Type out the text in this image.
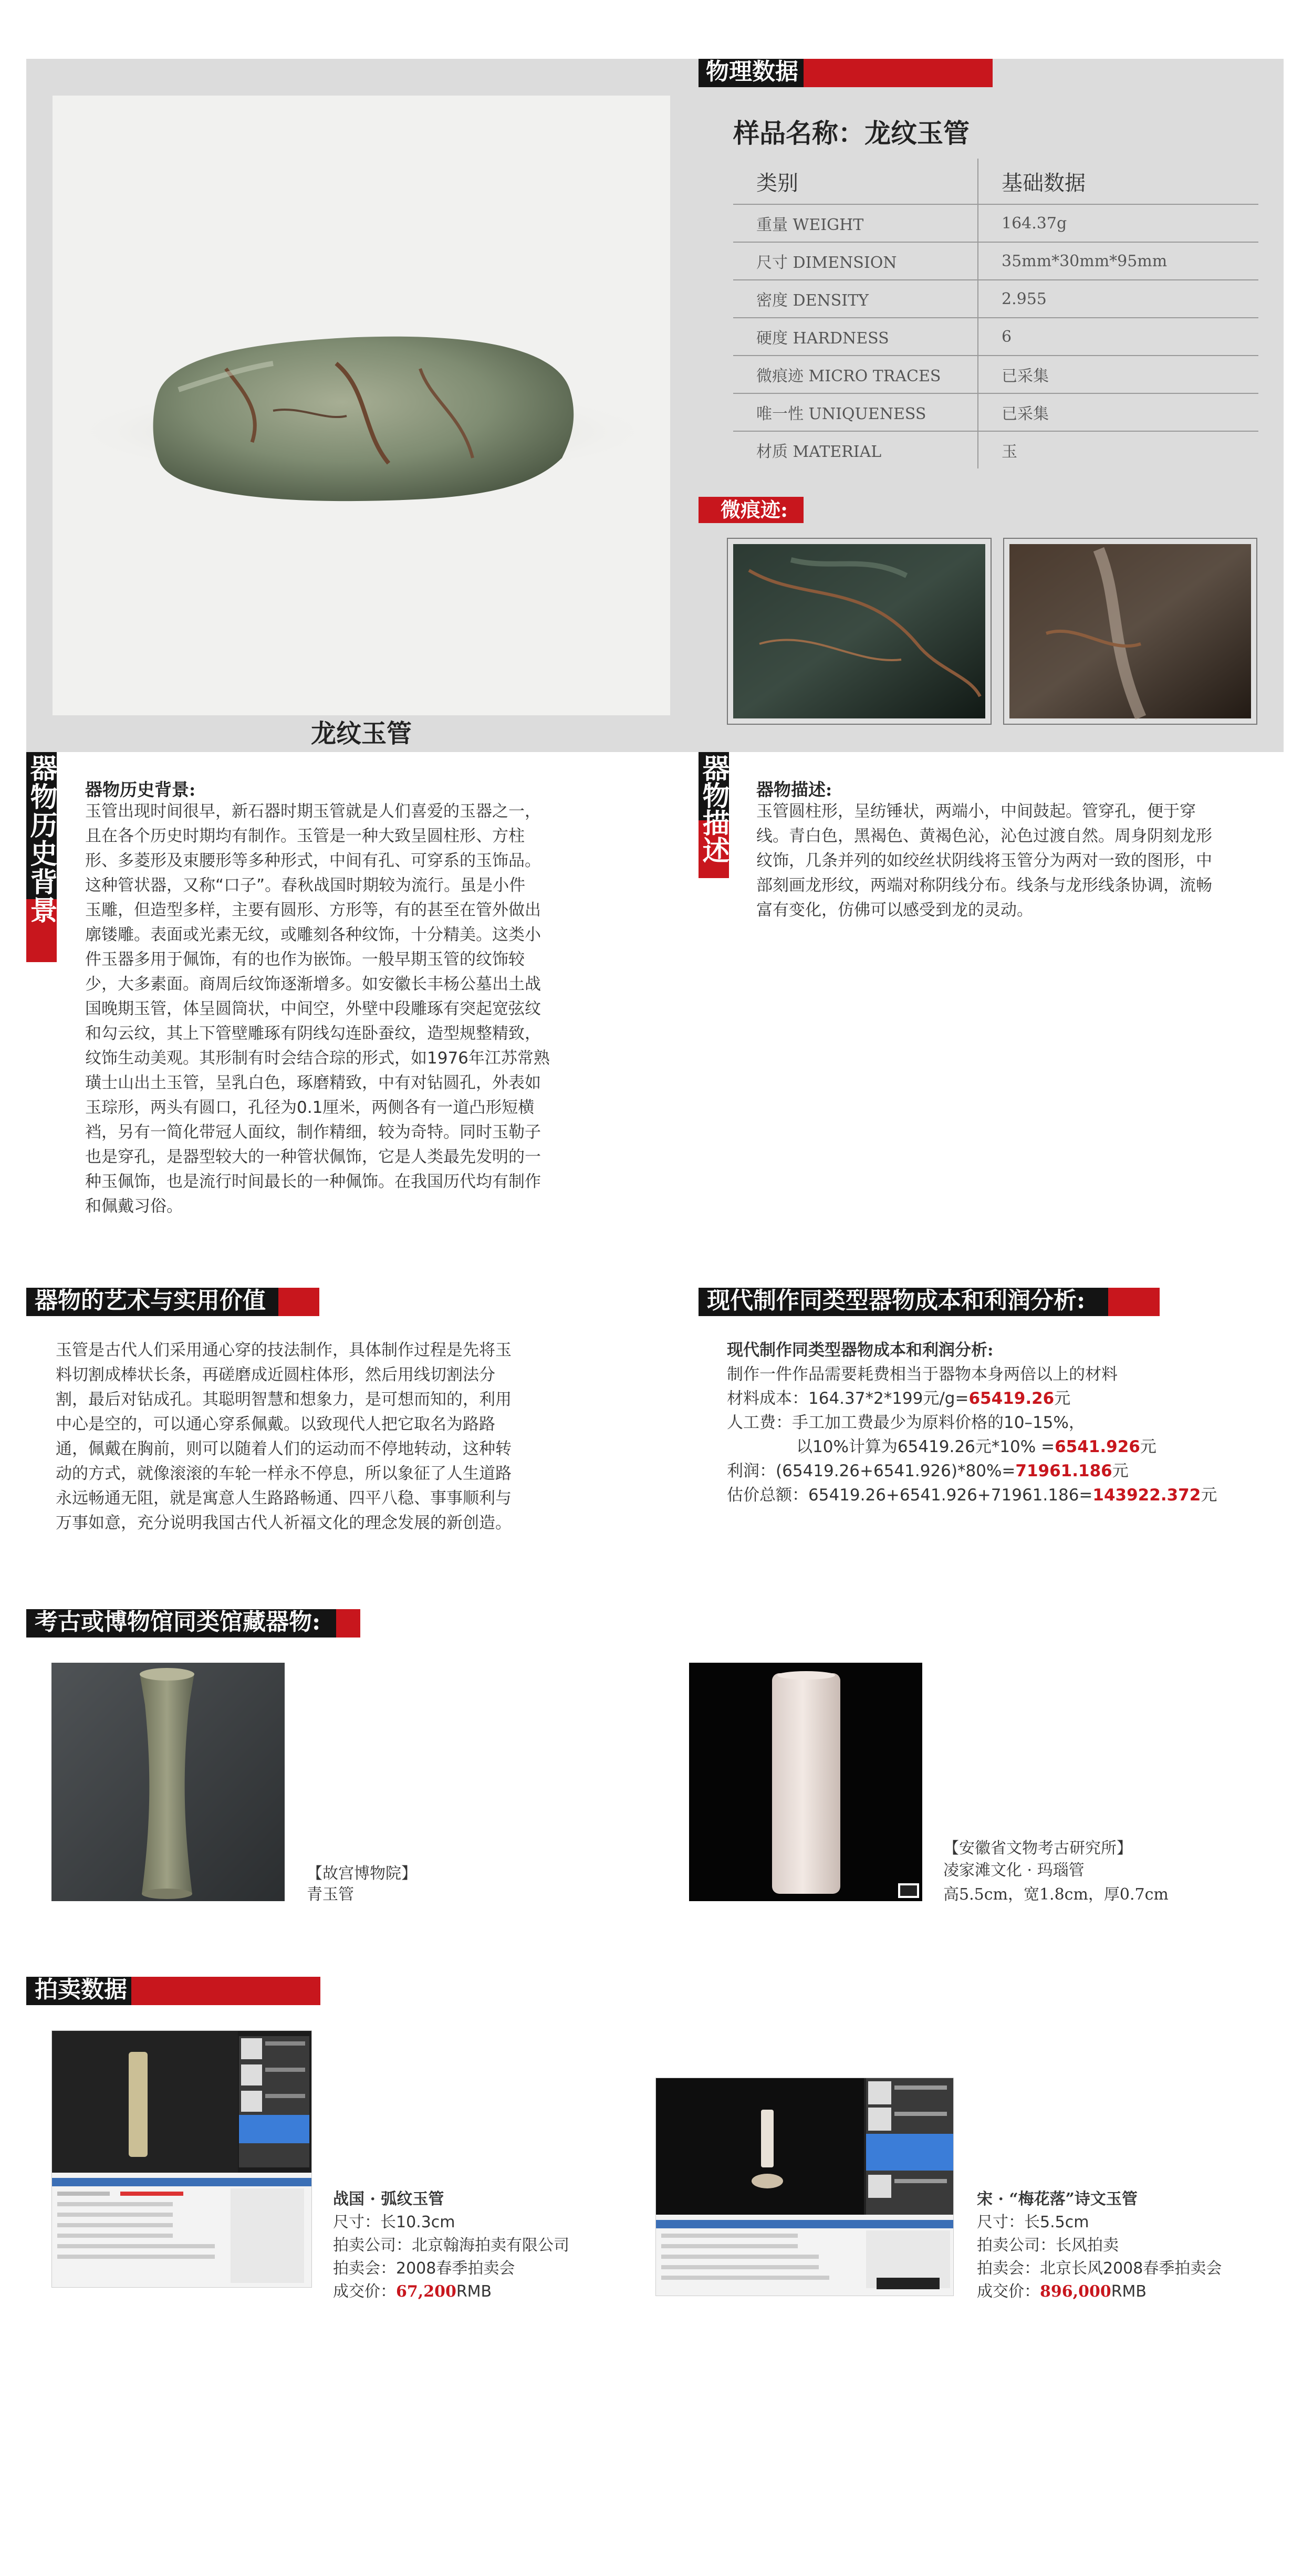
龙纹玉管
物理数据
样品名称：龙纹玉管
类别	基础数据
重量 WEIGHT	164.37g
尺寸 DIMENSION	35mm*30mm*95mm
密度 DENSITY	2.955
硬度 HARDNESS	6
微痕迹 MICRO TRACES	已采集
唯一性 UNIQUENESS	已采集
材质 MATERIAL	玉
微痕迹:
器物历史背景 器物历史背景:
玉管出现时间很早，新石器时期玉管就是人们喜爱的玉器之一，
且在各个历史时期均有制作。玉管是一种大致呈圆柱形、方柱
形、多菱形及束腰形等多种形式，中间有孔、可穿系的玉饰品。
这种管状器，又称“口子”。春秋战国时期较为流行。虽是小件
玉雕，但造型多样，主要有圆形、方形等，有的甚至在管外做出
廓镂雕。表面或光素无纹，或雕刻各种纹饰，十分精美。这类小
件玉器多用于佩饰，有的也作为嵌饰。一般早期玉管的纹饰较
少，大多素面。商周后纹饰逐渐增多。如安徽长丰杨公墓出土战
国晚期玉管，体呈圆筒状，中间空，外壁中段雕琢有突起宽弦纹
和勾云纹，其上下管壁雕琢有阴线勾连卧蚕纹，造型规整精致，
纹饰生动美观。其形制有时会结合琮的形式，如1976年江苏常熟
璜士山出土玉管，呈乳白色，琢磨精致，中有对钻圆孔，外表如
玉琮形，两头有圆口，孔径为0.1厘米，两侧各有一道凸形短横
裆，另有一简化带冠人面纹，制作精细，较为奇特。同时玉勒子
也是穿孔，是器型较大的一种管状佩饰，它是人类最先发明的一
种玉佩饰，也是流行时间最长的一种佩饰。在我国历代均有制作
和佩戴习俗。
器物描述 器物描述:
玉管圆柱形，呈纺锤状，两端小，中间鼓起。管穿孔，便于穿
线。青白色，黑褐色、黄褐色沁，沁色过渡自然。周身阴刻龙形
纹饰，几条并列的如绞丝状阴线将玉管分为两对一致的图形，中
部刻画龙形纹，两端对称阴线分布。线条与龙形线条协调，流畅
富有变化，仿佛可以感受到龙的灵动。
器物的艺术与实用价值
玉管是古代人们采用通心穿的技法制作，具体制作过程是先将玉
料切割成棒状长条，再磋磨成近圆柱体形，然后用线切割法分
割，最后对钻成孔。其聪明智慧和想象力，是可想而知的，利用
中心是空的，可以通心穿系佩戴。以致现代人把它取名为路路
通，佩戴在胸前，则可以随着人们的运动而不停地转动，这种转
动的方式，就像滚滚的车轮一样永不停息，所以象征了人生道路
永远畅通无阻，就是寓意人生路路畅通、四平八稳、事事顺利与
万事如意，充分说明我国古代人祈福文化的理念发展的新创造。
现代制作同类型器物成本和利润分析:
现代制作同类型器物成本和利润分析:
制作一件作品需要耗费相当于器物本身两倍以上的材料
材料成本：164.37*2*199元/g=65419.26元
人工费：手工加工费最少为原料价格的10–15%，
以10%计算为65419.26元*10% =6541.926元
利润：(65419.26+6541.926)*80%=71961.186元
估价总额：65419.26+6541.926+71961.186=143922.372元
考古或博物馆同类馆藏器物:
【故宫博物院】
青玉管
【安徽省文物考古研究所】
凌家滩文化 · 玛瑙管
高5.5cm，宽1.8cm，厚0.7cm
拍卖数据
战国 · 弧纹玉管
尺寸：长10.3cm
拍卖公司：北京翰海拍卖有限公司
拍卖会：2008春季拍卖会
成交价：67,200RMB
宋 · “梅花落”诗文玉管
尺寸：长5.5cm
拍卖公司：长风拍卖
拍卖会：北京长风2008春季拍卖会
成交价：896,000RMB
